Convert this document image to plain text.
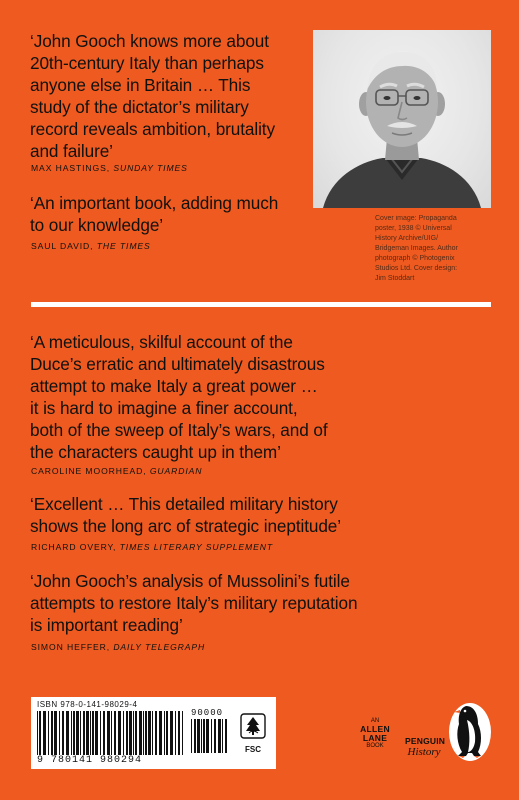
‘John Gooch knows more about
20th-century Italy than perhaps
anyone else in Britain … This
study of the dictator’s military
record reveals ambition, brutality
and failure’
MAX HASTINGS, SUNDAY TIMES
‘An important book, adding much
to our knowledge’
SAUL DAVID, THE TIMES
Cover image: Propaganda
poster, 1938 © Universal
History Archive/UIG/
Bridgeman Images. Author
photograph © Photogenix
Studios Ltd. Cover design:
Jim Stoddart
‘A meticulous, skilful account of the
Duce’s erratic and ultimately disastrous
attempt to make Italy a great power …
it is hard to imagine a finer account,
both of the sweep of Italy’s wars, and of
the characters caught up in them’
CAROLINE MOORHEAD, GUARDIAN
‘Excellent … This detailed military history
shows the long arc of strategic ineptitude’
RICHARD OVERY, TIMES LITERARY SUPPLEMENT
‘John Gooch’s analysis of Mussolini’s futile
attempts to restore Italy’s military reputation
is important reading’
SIMON HEFFER, DAILY TELEGRAPH
ISBN 978-0-141-98029-4
9 780141 980294
90000
FSC
AN
ALLEN
LANE
BOOK	PENGUIN
History
